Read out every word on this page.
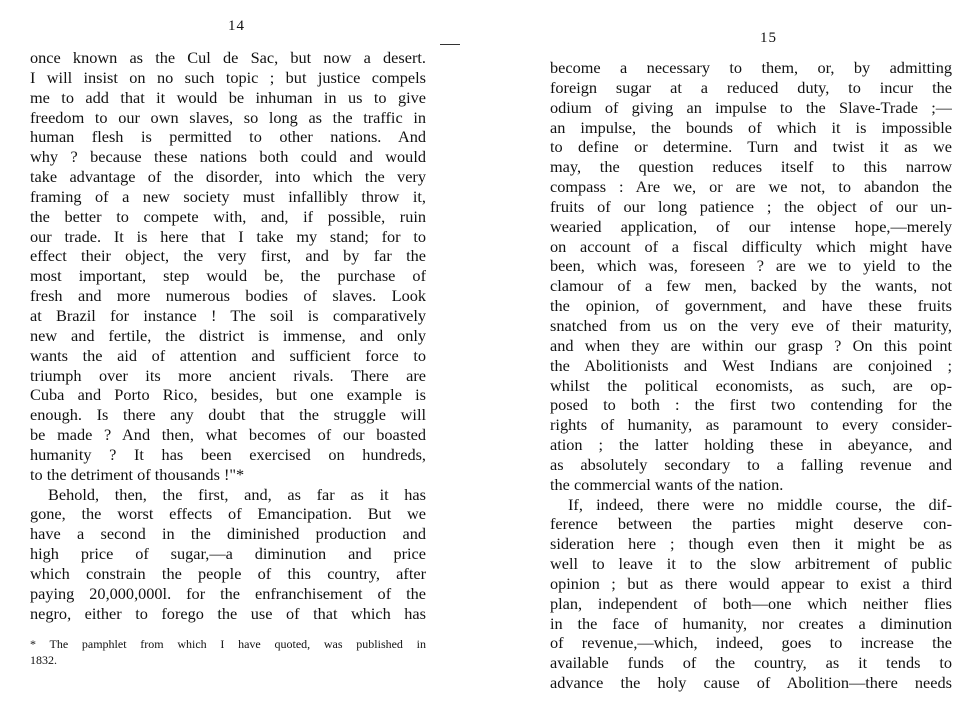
14
once known as the Cul de Sac, but now a desert.
I will insist on no such topic ; but justice compels
me to add that it would be inhuman in us to give
freedom to our own slaves, so long as the traffic in
human flesh is permitted to other nations. And
why ? because these nations both could and would
take advantage of the disorder, into which the very
framing of a new society must infallibly throw it,
the better to compete with, and, if possible, ruin
our trade. It is here that I take my stand; for to
effect their object, the very first, and by far the
most important, step would be, the purchase of
fresh and more numerous bodies of slaves. Look
at Brazil for instance ! The soil is comparatively
new and fertile, the district is immense, and only
wants the aid of attention and sufficient force to
triumph over its more ancient rivals. There are
Cuba and Porto Rico, besides, but one example is
enough. Is there any doubt that the struggle will
be made ? And then, what becomes of our boasted
humanity ? It has been exercised on hundreds,
to the detriment of thousands !"*
Behold, then, the first, and, as far as it has
gone, the worst effects of Emancipation. But we
have a second in the diminished production and
high price of sugar,—a diminution and price
which constrain the people of this country, after
paying 20,000,000l. for the enfranchisement of the
negro, either to forego the use of that which has
* The pamphlet from which I have quoted, was published in
1832.
15
become a necessary to them, or, by admitting
foreign sugar at a reduced duty, to incur the
odium of giving an impulse to the Slave-Trade ;—
an impulse, the bounds of which it is impossible
to define or determine. Turn and twist it as we
may, the question reduces itself to this narrow
compass : Are we, or are we not, to abandon the
fruits of our long patience ; the object of our un-
wearied application, of our intense hope,—merely
on account of a fiscal difficulty which might have
been, which was, foreseen ? are we to yield to the
clamour of a few men, backed by the wants, not
the opinion, of government, and have these fruits
snatched from us on the very eve of their maturity,
and when they are within our grasp ? On this point
the Abolitionists and West Indians are conjoined ;
whilst the political economists, as such, are op-
posed to both : the first two contending for the
rights of humanity, as paramount to every consider-
ation ; the latter holding these in abeyance, and
as absolutely secondary to a falling revenue and
the commercial wants of the nation.
If, indeed, there were no middle course, the dif-
ference between the parties might deserve con-
sideration here ; though even then it might be as
well to leave it to the slow arbitrement of public
opinion ; but as there would appear to exist a third
plan, independent of both—one which neither flies
in the face of humanity, nor creates a diminution
of revenue,—which, indeed, goes to increase the
available funds of the country, as it tends to
advance the holy cause of Abolition—there needs
